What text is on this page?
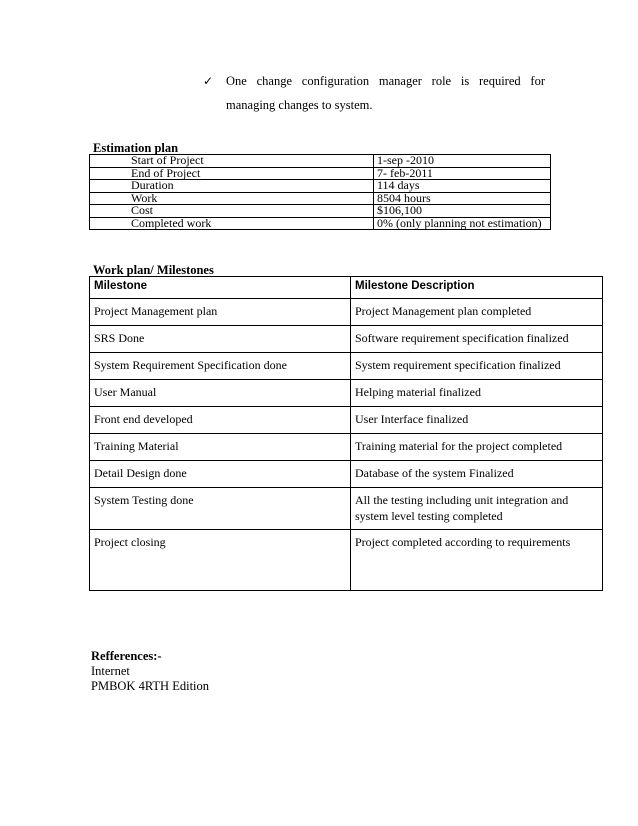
✓ One change configuration manager role is required for
managing changes to system.
Estimation plan
Start of Project	1-sep -2010
End of Project	7- feb-2011
Duration	114 days
Work	8504 hours
Cost	$106,100
Completed work	0% (only planning not estimation)
Work plan/ Milestones
Milestone	Milestone Description
Project Management plan	Project Management plan completed
SRS Done	Software requirement specification finalized
System Requirement Specification done	System requirement specification finalized
User Manual	Helping material finalized
Front end developed	User Interface finalized
Training Material	Training material for the project completed
Detail Design done	Database of the system Finalized
System Testing done	All the testing including unit integration and
system level testing completed

Project closing	Project completed according to requirements
Refferences:-
Internet
PMBOK 4RTH Edition
